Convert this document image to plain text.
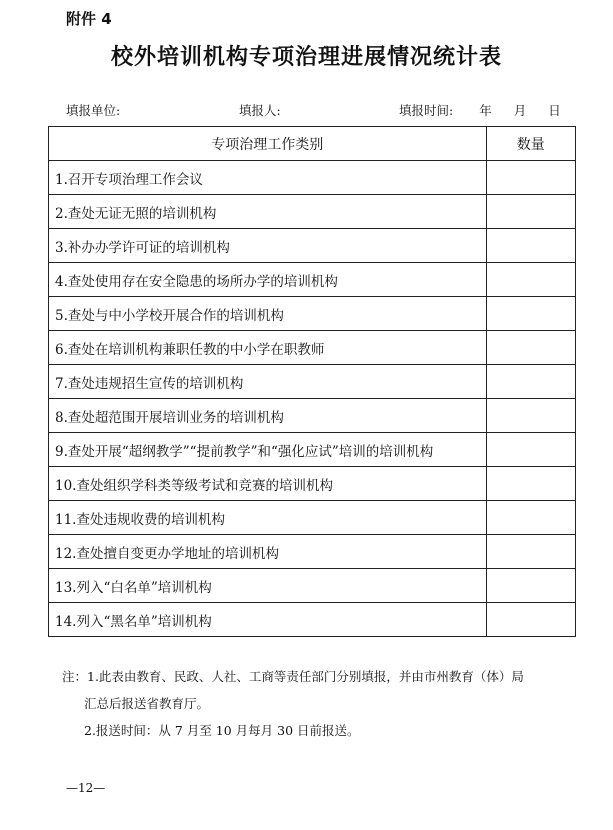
附件 4
校外培训机构专项治理进展情况统计表
填报单位:	填报人:	填报时间: 年 月 日
专项治理工作类别	数量
1.召开专项治理工作会议	
2.查处无证无照的培训机构	
3.补办办学许可证的培训机构	
4.查处使用存在安全隐患的场所办学的培训机构	
5.查处与中小学校开展合作的培训机构	
6.查处在培训机构兼职任教的中小学在职教师	
7.查处违规招生宣传的培训机构	
8.查处超范围开展培训业务的培训机构	
9.查处开展“超纲教学”“提前教学”和“强化应试”培训的培训机构	
10.查处组织学科类等级考试和竞赛的培训机构	
11.查处违规收费的培训机构	
12.查处擅自变更办学地址的培训机构	
13.列入“白名单”培训机构	
14.列入“黑名单”培训机构	
注：1.此表由教育、民政、人社、工商等责任部门分别填报，并由市州教育（体）局
汇总后报送省教育厅。
2.报送时间：从 7 月至 10 月每月 30 日前报送。
—12—
